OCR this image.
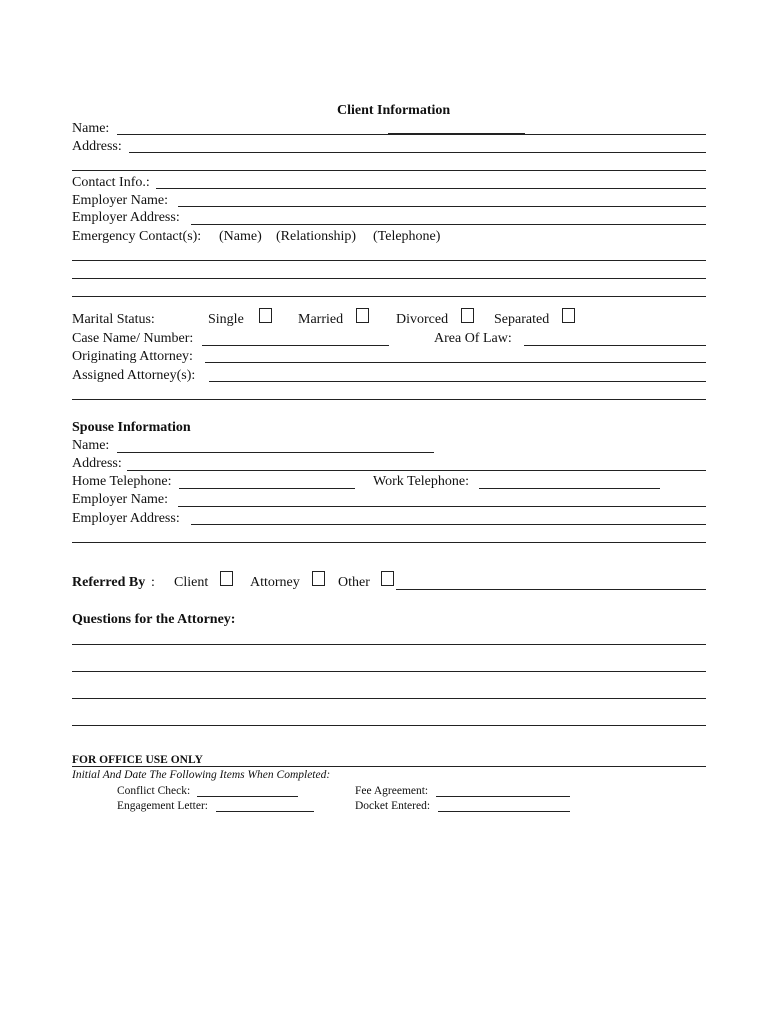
Client Information
Name:
Address:
Contact Info.:
Employer Name:
Employer Address:
Emergency Contact(s): (Name) (Relationship) (Telephone)
Marital Status:	Single	Married	Divorced	Separated
Case Name/ Number:	Area Of Law:
Originating Attorney:
Assigned Attorney(s):
Spouse Information
Name:
Address:
Home Telephone:	Work Telephone:
Employer Name:
Employer Address:
Referred By : Client	Attorney	Other
Questions for the Attorney:
FOR OFFICE USE ONLY
Initial And Date The Following Items When Completed:
Conflict Check:	Fee Agreement:
Engagement Letter:	Docket Entered:
